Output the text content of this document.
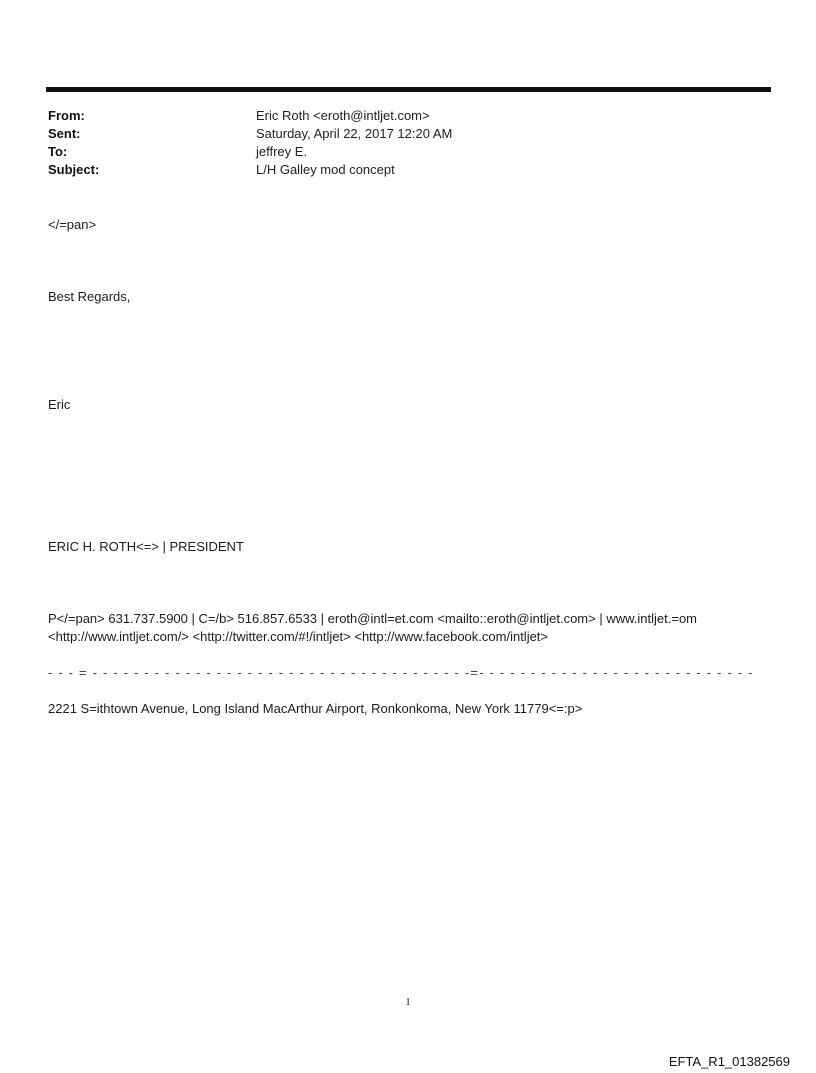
From:	Eric Roth <eroth@intljet.com>
Sent:	Saturday, April 22, 2017 12:20 AM
To:	jeffrey E.
Subject:	L/H Galley mod concept
</=pan>
Best Regards,
Eric
ERIC H. ROTH<=> | PRESIDENT
P</=pan> 631.737.5900 | C=/b> 516.857.6533 | eroth@intl=et.com <mailto::eroth@intljet.com> | www.intljet.=om
<http://www.intljet.com/> <http://twitter.com/#!/intljet> <http://www.facebook.com/intljet>
- - - = - - - - - - - - - - - - - - - - - - - - - - - - - - - - - - - - - - - - -=- - - - - - - - - - - - - - - - - - - - - - - - - - -
2221 S=ithtown Avenue, Long Island MacArthur Airport, Ronkonkoma, New York 11779<=:p>
1
EFTA_R1_01382569
